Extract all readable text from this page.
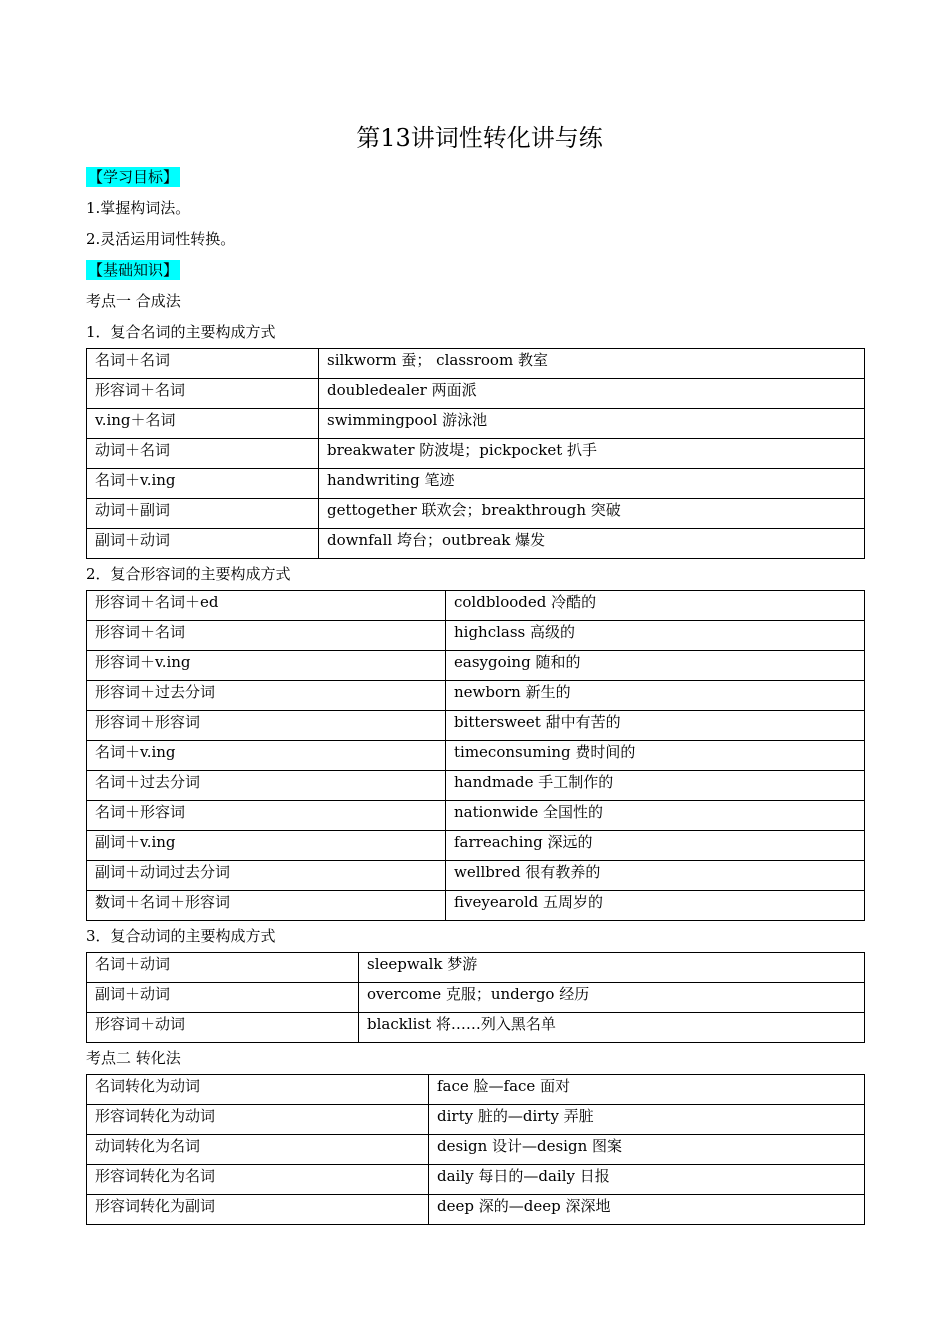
第13讲词性转化讲与练
【学习目标】
1.掌握构词法。
2.灵活运用词性转换。
【基础知识】
考点一 合成法
1．复合名词的主要构成方式
名词＋名词	silkworm 蚕； classroom 教室
形容词＋名词	doubledealer 两面派
v.ing＋名词	swimmingpool 游泳池
动词＋名词	breakwater 防波堤；pickpocket 扒手
名词＋v.ing	handwriting 笔迹
动词＋副词	gettogether 联欢会；breakthrough 突破
副词＋动词	downfall 垮台；outbreak 爆发
2．复合形容词的主要构成方式
形容词＋名词＋ed	coldblooded 冷酷的
形容词＋名词	highclass 高级的
形容词＋v.ing	easygoing 随和的
形容词＋过去分词	newborn 新生的
形容词＋形容词	bittersweet 甜中有苦的
名词＋v.ing	timeconsuming 费时间的
名词＋过去分词	handmade 手工制作的
名词＋形容词	nationwide 全国性的
副词＋v.ing	farreaching 深远的
副词＋动词过去分词	wellbred 很有教养的
数词＋名词＋形容词	fiveyearold 五周岁的
3．复合动词的主要构成方式
名词＋动词	sleepwalk 梦游
副词＋动词	overcome 克服；undergo 经历
形容词＋动词	blacklist 将……列入黑名单
考点二 转化法
名词转化为动词	face 脸—face 面对
形容词转化为动词	dirty 脏的—dirty 弄脏
动词转化为名词	design 设计—design 图案
形容词转化为名词	daily 每日的—daily 日报
形容词转化为副词	deep 深的—deep 深深地
